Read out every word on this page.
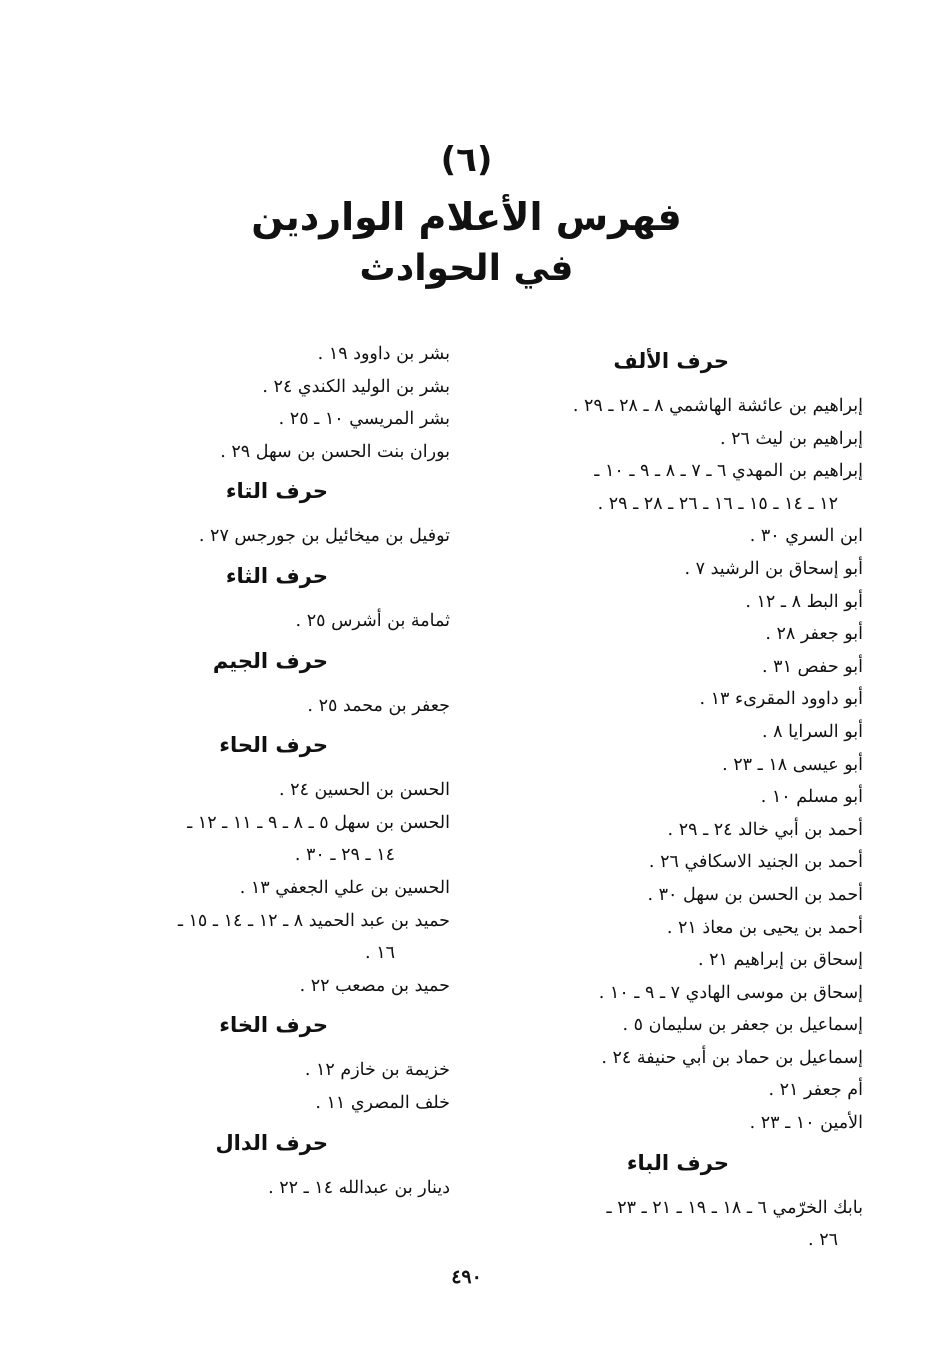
(٦)
فهرس الأعلام الواردين
في الحوادث
حرف الألف
إبراهيم بن عائشة الهاشمي ٨ ـ ٢٨ ـ ٢٩ .
إبراهيم بن ليث ٢٦ .
إبراهيم بن المهدي ٦ ـ ٧ ـ ٨ ـ ٩ ـ ١٠ ـ

١٢ ـ ١٤ ـ ١٥ ـ ١٦ ـ ٢٦ ـ ٢٨ ـ ٢٩ .
ابن السري ٣٠ .
أبو إسحاق بن الرشيد ٧ .
أبو البط ٨ ـ ١٢ .
أبو جعفر ٢٨ .
أبو حفص ٣١ .
أبو داوود المقرىء ١٣ .
أبو السرايا ٨ .
أبو عيسى ١٨ ـ ٢٣ .
أبو مسلم ١٠ .
أحمد بن أبي خالد ٢٤ ـ ٢٩ .
أحمد بن الجنيد الاسكافي ٢٦ .
أحمد بن الحسن بن سهل ٣٠ .
أحمد بن يحيى بن معاذ ٢١ .
إسحاق بن إبراهيم ٢١ .
إسحاق بن موسى الهادي ٧ ـ ٩ ـ ١٠ .
إسماعيل بن جعفر بن سليمان ٥ .
إسماعيل بن حماد بن أبي حنيفة ٢٤ .
أم جعفر ٢١ .
الأمين ١٠ ـ ٢٣ .
حرف الباء
بابك الخرّمي ٦ ـ ١٨ ـ ١٩ ـ ٢١ ـ ٢٣ ـ

٢٦ .
بشر بن داوود ١٩ .
بشر بن الوليد الكندي ٢٤ .
بشر المريسي ١٠ ـ ٢٥ .
بوران بنت الحسن بن سهل ٢٩ .
حرف التاء
توفيل بن ميخائيل بن جورجس ٢٧ .
حرف الثاء
ثمامة بن أشرس ٢٥ .
حرف الجيم
جعفر بن محمد ٢٥ .
حرف الحاء
الحسن بن الحسين ٢٤ .
الحسن بن سهل ٥ ـ ٨ ـ ٩ ـ ١١ ـ ١٢ ـ

١٤ ـ ٢٩ ـ ٣٠ .
الحسين بن علي الجعفي ١٣ .
حميد بن عبد الحميد ٨ ـ ١٢ ـ ١٤ ـ ١٥ ـ

١٦ .
حميد بن مصعب ٢٢ .
حرف الخاء
خزيمة بن خازم ١٢ .
خلف المصري ١١ .
حرف الدال
دينار بن عبدالله ١٤ ـ ٢٢ .
٤٩٠
